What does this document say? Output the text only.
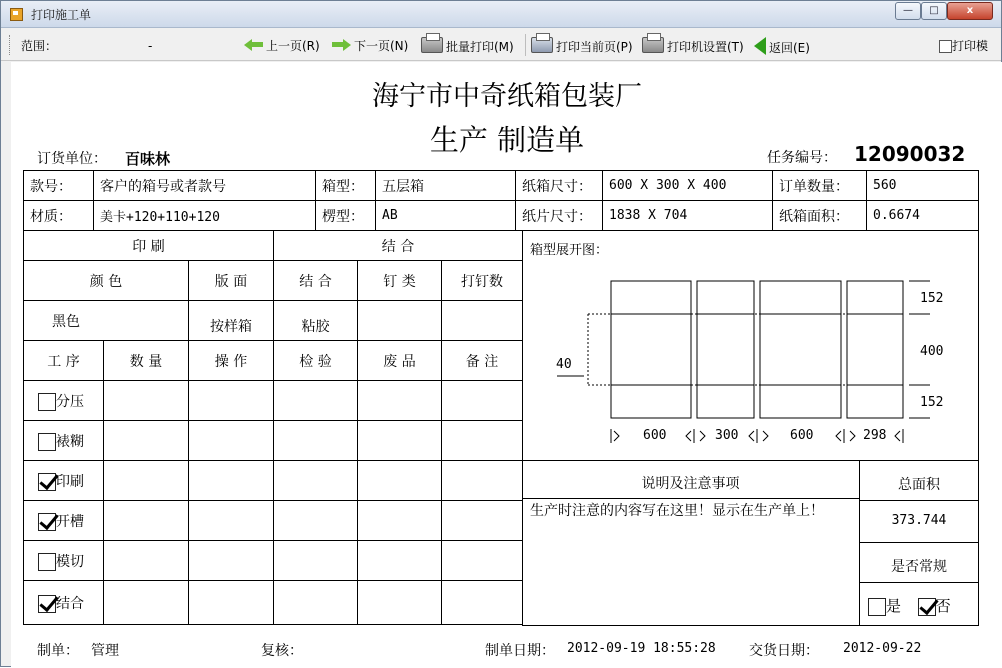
打印施工单	—	□	x
范围：	-	上一页(R)	下一页(N)	批量打印(M)	打印当前页(P)	打印机设置(T)	返回(E)	打印模
海宁市中奇纸箱包装厂
生产 制造单
订货单位： 百味林	任务编号： 12090032
款号：	客户的箱号或者款号	箱型：	五层箱	纸箱尺寸：	600 X 300 X 400	订单数量：	560
材质：	美卡+120+110+120	楞型：	AB	纸片尺寸：	1838 X 704	纸箱面积：	0.6674
印 刷			结 合		
颜 色		版 面	结 合	钉 类	打钉数
黑色		按样箱	粘胶		
工 序	数 量	操 作	检 验	废 品	备 注
分压					
裱糊					
印刷					
开槽					
模切					
结合					
箱型展开图：
152
400
152
40
600	300	600	298
说明及注意事项
生产时注意的内容写在这里！显示在生产单上！
总面积
373.744
是否常规
是 否
制单： 管理	复核：	制单日期： 2012-09-19 18:55:28 交货日期： 2012-09-22
